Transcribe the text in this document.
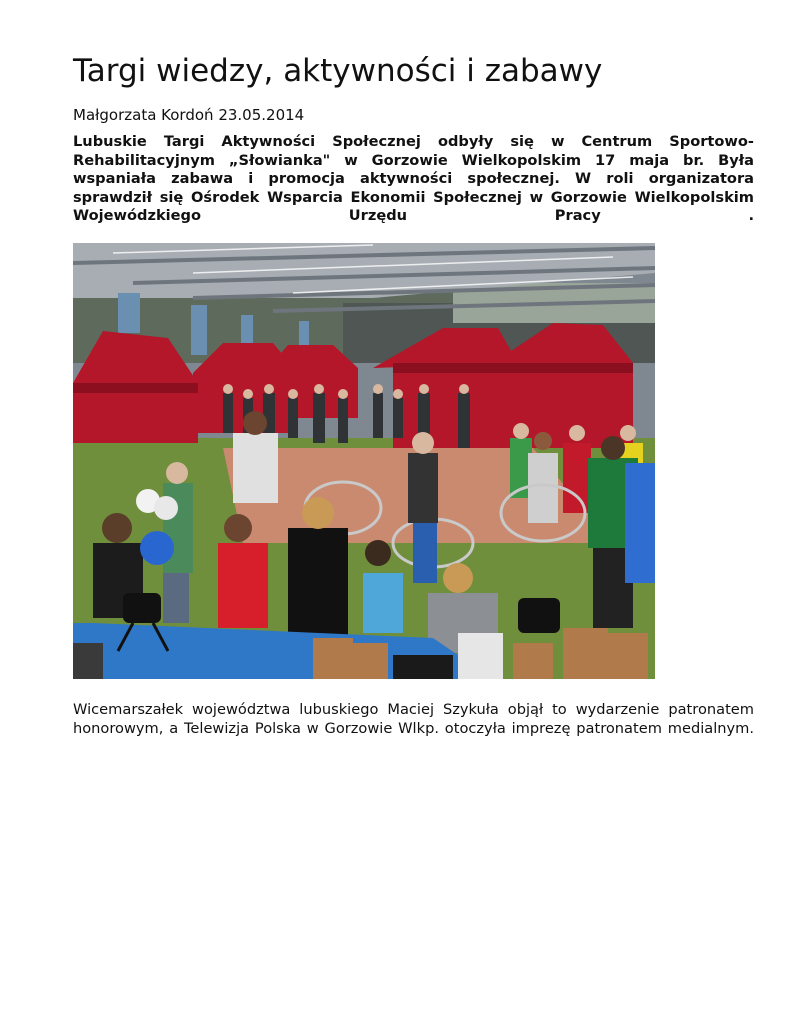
Targi wiedzy, aktywności i zabawy
Małgorzata Kordoń 23.05.2014

Lubuskie Targi Aktywności Społecznej odbyły się w Centrum Sportowo-Rehabilitacyjnym „Słowianka" w Gorzowie Wielkopolskim 17 maja br. Była wspaniała zabawa i promocja aktywności społecznej. W roli organizatora sprawdził się Ośrodek Wsparcia Ekonomii Społecznej w Gorzowie Wielkopolskim Wojewódzkiego Urzędu Pracy .

Wicemarszałek województwa lubuskiego Maciej Szykuła objął to wydarzenie patronatem honorowym, a Telewizja Polska w Gorzowie Wlkp. otoczyła imprezę patronatem medialnym.
